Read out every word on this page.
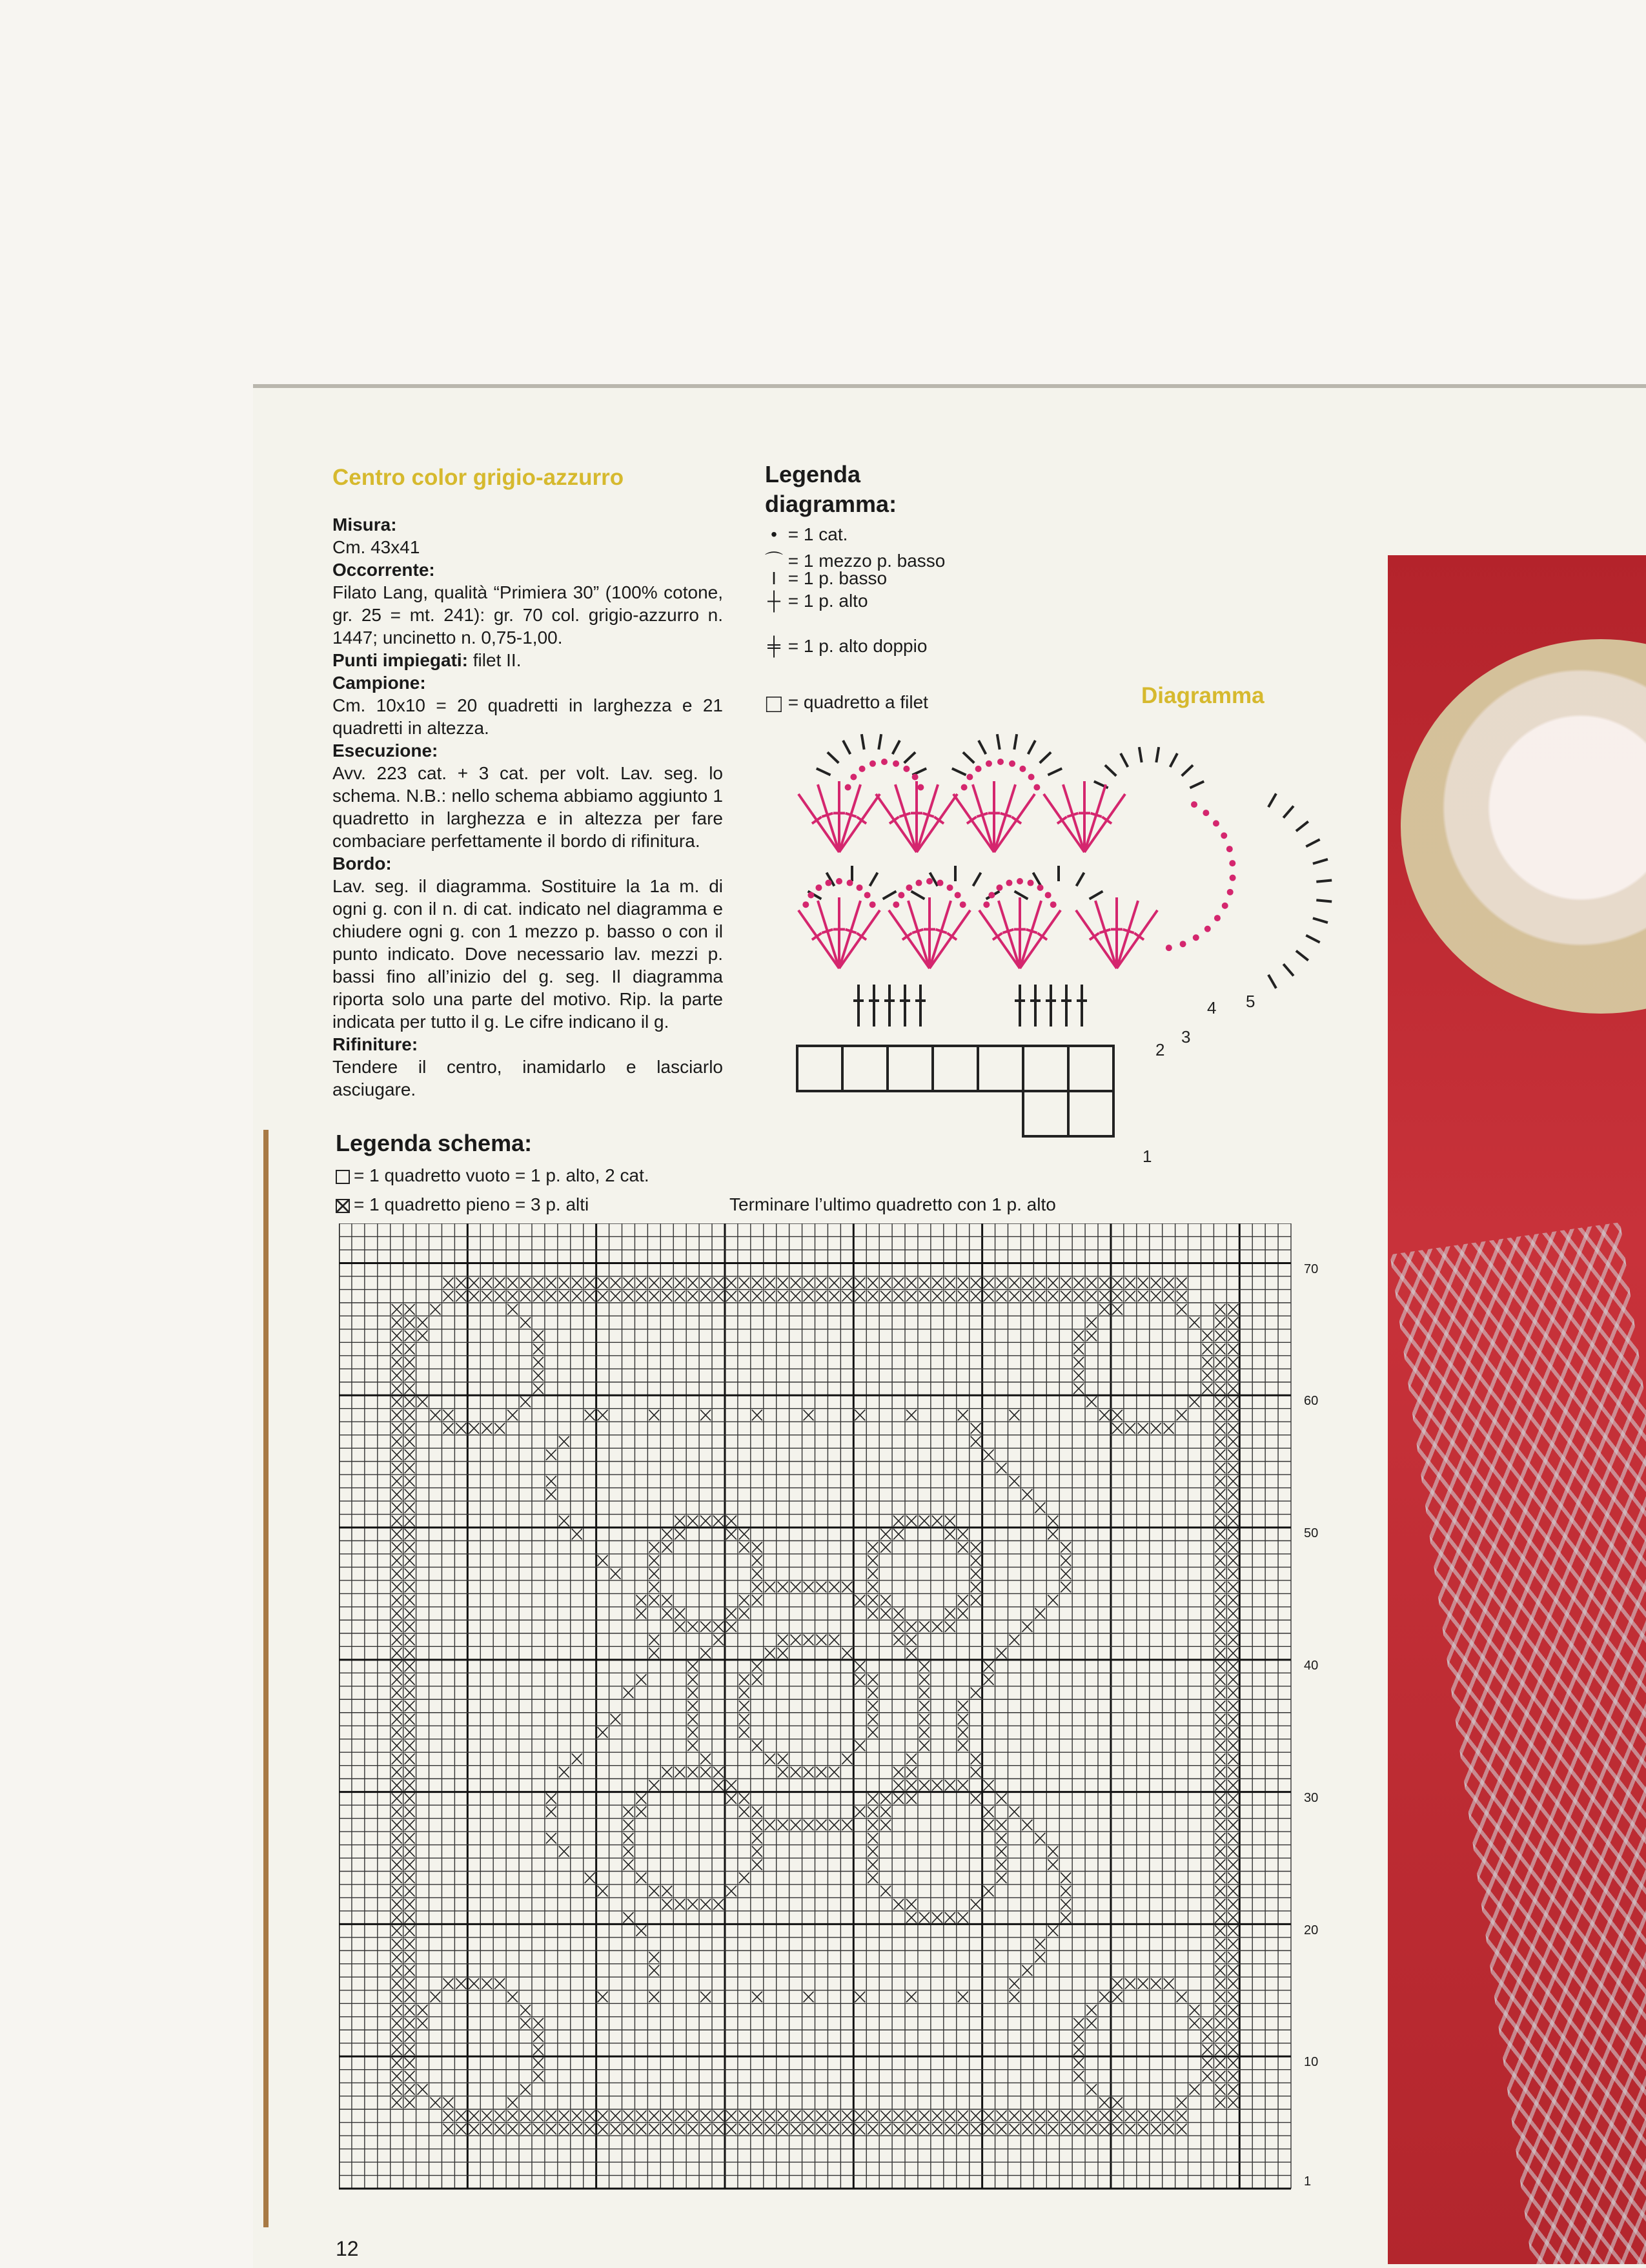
Centro color grigio-azzurro

Misura:
Cm. 43x41

Occorrente:
Filato Lang, qualità “Primiera 30” (100% cotone, gr. 25 = mt. 241): gr. 70 col. grigio-azzurro n. 1447; uncinetto n. 0,75-1,00.

Punti impiegati: filet II.

Campione:
Cm. 10x10 = 20 quadretti in larghezza e 21 quadretti in altezza.

Esecuzione:
Avv. 223 cat. + 3 cat. per volt. Lav. seg. lo schema. N.B.: nello schema abbiamo aggiunto 1 quadretto in larghezza e in altezza per fare combaciare perfettamente il bordo di rifinitura.

Bordo:
Lav. seg. il diagramma. Sostituire la 1a m. di ogni g. con il n. di cat. indicato nel diagramma e chiudere ogni g. con 1 mezzo p. basso o con il punto indicato. Dove necessario lav. mezzi p. bassi fino all’inizio del g. seg. Il diagramma riporta solo una parte del motivo. Rip. la parte indicata per tutto il g. Le cifre indicano il g.

Rifiniture:
Tendere il centro, inamidarlo e lasciarlo asciugare.

Legenda
diagramma:
• = 1 cat.
⌒ = 1 mezzo p. basso
I = 1 p. basso
┼ = 1 p. alto
╪ = 1 p. alto doppio
□ = quadretto a filet	Diagramma
1
2
3
4 5
Legenda schema:
= 1 quadretto vuoto = 1 p. alto, 2 cat.
= 1 quadretto pieno = 3 p. alti	Terminare l’ultimo quadretto con 1 p. alto
1
10
20
30
40
50
60
70
12
